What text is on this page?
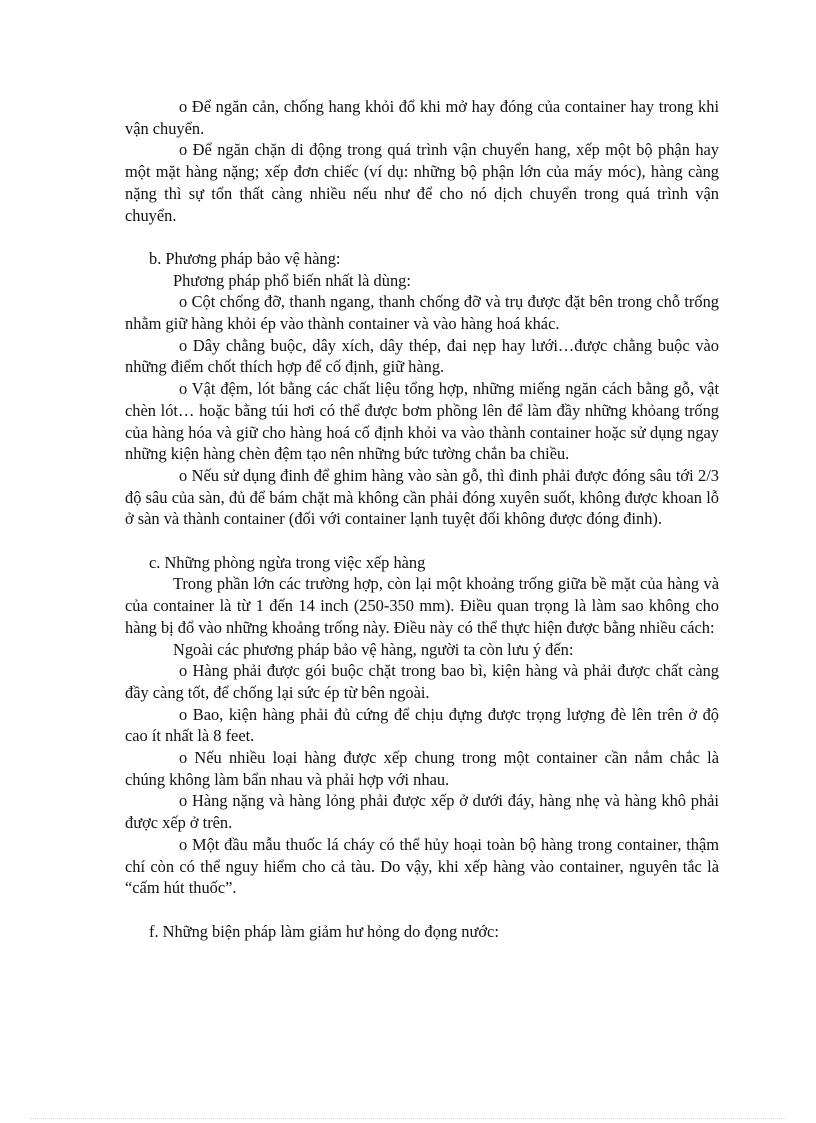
o Để ngăn cản, chống hang khỏi đổ khi mở hay đóng của container hay trong khi vận chuyển.

o Để ngăn chặn di động trong quá trình vận chuyển hang, xếp một bộ phận hay một mặt hàng nặng; xếp đơn chiếc (ví dụ: những bộ phận lớn của máy móc), hàng càng nặng thì sự tổn thất càng nhiều nếu như để cho nó dịch chuyển trong quá trình vận chuyển.

b. Phương pháp bảo vệ hàng:

Phương pháp phổ biến nhất là dùng:

o Cột chống đỡ, thanh ngang, thanh chống đỡ và trụ được đặt bên trong chỗ trống nhằm giữ hàng khỏi ép vào thành container và vào hàng hoá khác.

o Dây chằng buộc, dây xích, dây thép, đai nẹp hay lưới…được chằng buộc vào những điểm chốt thích hợp để cố định, giữ hàng.

o Vật đệm, lót bằng các chất liệu tổng hợp, những miếng ngăn cách bằng gỗ, vật chèn lót… hoặc bằng túi hơi có thể được bơm phồng lên để làm đầy những khỏang trống của hàng hóa và giữ cho hàng hoá cố định khỏi va vào thành container hoặc sử dụng ngay những kiện hàng chèn đệm tạo nên những bức tường chắn ba chiều.

o Nếu sử dụng đinh để ghim hàng vào sàn gỗ, thì đinh phải được đóng sâu tới 2/3 độ sâu của sàn, đủ để bám chặt mà không cần phải đóng xuyên suốt, không được khoan lỗ ở sàn và thành container (đối với container lạnh tuyệt đối không được đóng đinh).

c. Những phòng ngừa trong việc xếp hàng

Trong phần lớn các trường hợp, còn lại một khoảng trống giữa bề mặt của hàng và của container là từ 1 đến 14 inch (250-350 mm). Điều quan trọng là làm sao không cho hàng bị đổ vào những khoảng trống này. Điều này có thể thực hiện được bằng nhiều cách:

Ngoài các phương pháp bảo vệ hàng, người ta còn lưu ý đến:

o Hàng phải được gói buộc chặt trong bao bì, kiện hàng và phải được chất càng đầy càng tốt, để chống lại sức ép từ bên ngoài.

o Bao, kiện hàng phải đủ cứng để chịu đựng được trọng lượng đè lên trên ở độ cao ít nhất là 8 feet.

o Nếu nhiều loại hàng được xếp chung trong một container cần nắm chắc là chúng không làm bẩn nhau và phải hợp với nhau.

o Hàng nặng và hàng lỏng phải được xếp ở dưới đáy, hàng nhẹ và hàng khô phải được xếp ở trên.

o Một đầu mẫu thuốc lá cháy có thể hủy hoại toàn bộ hàng trong container, thậm chí còn có thể nguy hiểm cho cả tàu. Do vậy, khi xếp hàng vào container, nguyên tắc là “cấm hút thuốc”.

f. Những biện pháp làm giảm hư hỏng do đọng nước:
